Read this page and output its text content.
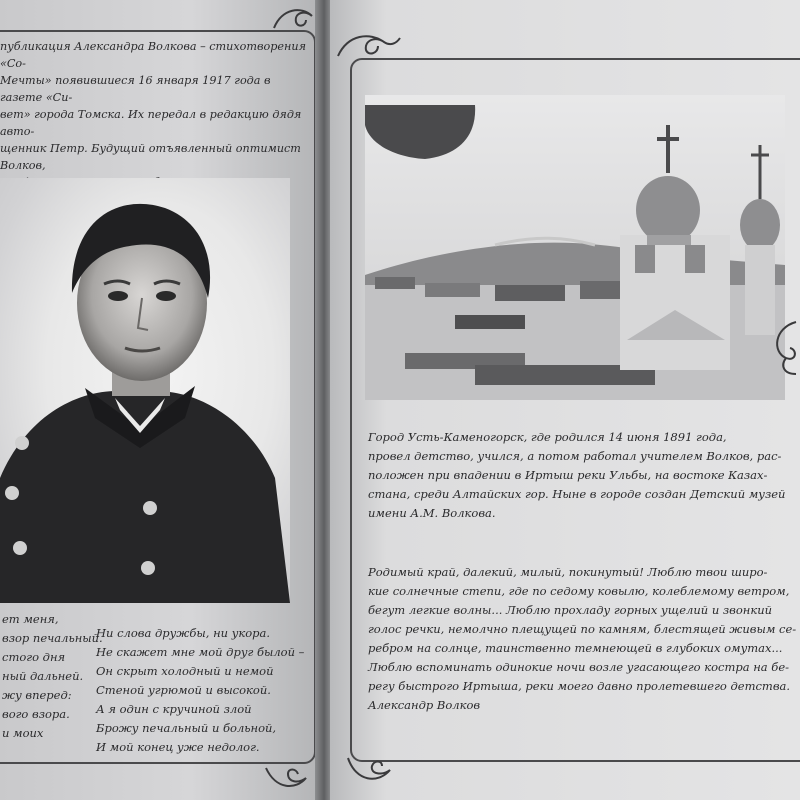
публикация Александра Волкова – стихотворения «Со-
Мечты» появившиеся 16 января 1917 года в газете «Си-
вет» города Томска. Их передал в редакцию дядя авто-
щенник Петр. Будущий отъявленный оптимист Волков,

ет меня,
взор печальный.
стого дня
ный дальней.
жу вперед:
вого взора.
и моих
Ни слова дружбы, ни укора.
Не скажет мне мой друг былой –
Он скрыт холодный и немой
Стеной угрюмой и высокой.
А я один с кручиной злой
Брожу печальный и больной,
И мой конец уже недолог.

Город Усть-Каменогорск, где родился 14 июня 1891 года,
провел детство, учился, а потом работал учителем Волков, рас-
положен при впадении в Иртыш реки Ульбы, на востоке Казах-
стана, среди Алтайских гор. Ныне в городе создан Детский музей
имени А.М. Волкова.

Родимый край, далекий, милый, покинутый! Люблю твои широ-
кие солнечные степи, где по седому ковылю, колеблемому ветром,
бегут легкие волны... Люблю прохладу горных ущелий и звонкий
голос речки, немолчно плещущей по камням, блестящей живым се-
ребром на солнце, таинственно темнеющей в глубоких омутах...
Люблю вспоминать одинокие ночи возле угасающего костра на бе-
регу быстрого Иртыша, реки моего давно пролетевшего детства.
Александр Волков
